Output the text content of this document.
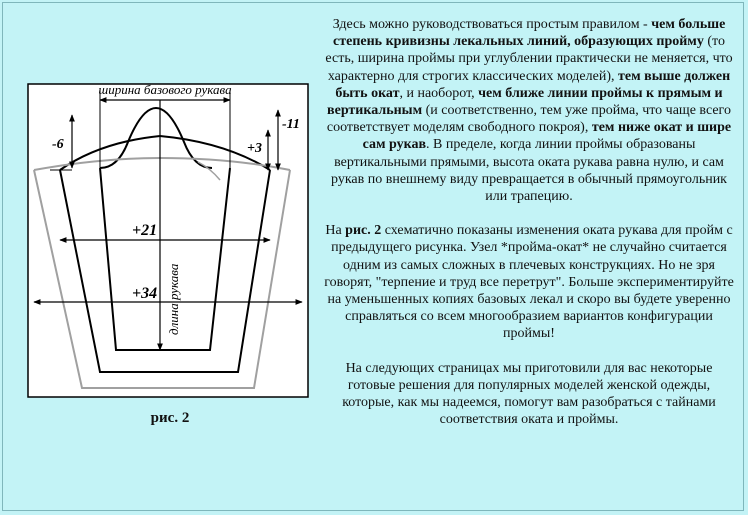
ширина базового рукава
-6	+3
-11
+21
+34 длина рукава
рис. 2

Здесь можно руководствоваться простым правилом - чем больше степень кривизны лекальных линий, образующих пройму (то есть, ширина проймы при углублении практически не меняется, что характерно для строгих классических моделей), тем выше должен быть окат, и наоборот, чем ближе линии проймы к прямым и вертикальным (и соответственно, тем уже пройма, что чаще всего соответствует моделям свободного покроя), тем ниже окат и шире сам рукав. В пределе, когда линии проймы образованы вертикальными прямыми, высота оката рукава равна нулю, и сам рукав по внешнему виду превращается в обычный прямоугольник или трапецию.

На рис. 2 схематично показаны изменения оката рукава для пройм с предыдущего рисунка. Узел *пройма-окат* не случайно считается одним из самых сложных в плечевых конструкциях. Но не зря говорят, "терпение и труд все перетрут". Больше экспериментируйте на уменьшенных копиях базовых лекал и скоро вы будете уверенно справляться со всем многообразием вариантов конфигурации проймы!

На следующих страницах мы приготовили для вас некоторые готовые решения для популярных моделей женской одежды, которые, как мы надеемся, помогут вам разобраться с тайнами соответствия оката и проймы.
